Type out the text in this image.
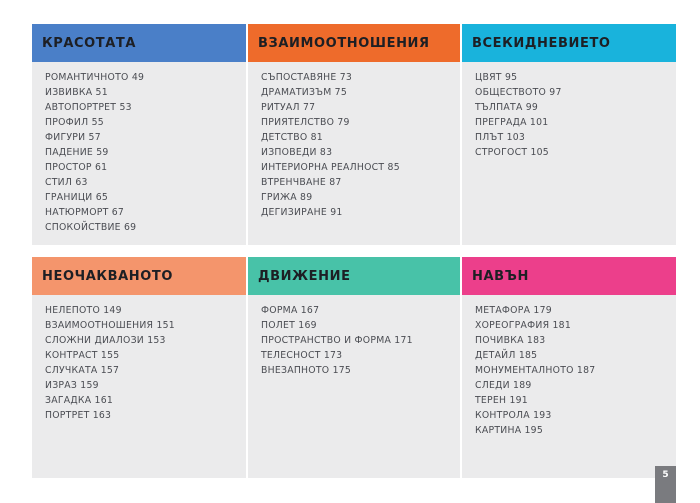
КРАСОТАТА
РОМАНТИЧНОТО 49
ИЗВИВКА 51
АВТОПОРТРЕТ 53
ПРОФИЛ 55
ФИГУРИ 57
ПАДЕНИЕ 59
ПРОСТОР 61
СТИЛ 63
ГРАНИЦИ 65
НАТЮРМОРТ 67
СПОКОЙСТВИЕ 69
ВЗАИМООТНОШЕНИЯ
СЪПОСТАВЯНЕ 73
ДРАМАТИЗЪМ 75
РИТУАЛ 77
ПРИЯТЕЛСТВО 79
ДЕТСТВО 81
ИЗПОВЕДИ 83
ИНТЕРИОРНА РЕАЛНОСТ 85
ВТРЕНЧВАНЕ 87
ГРИЖА 89
ДЕГИЗИРАНЕ 91
ВСЕКИДНЕВИЕТО
ЦВЯТ 95
ОБЩЕСТВОТО 97
ТЪЛПАТА 99
ПРЕГРАДА 101
ПЛЪТ 103
СТРОГОСТ 105
НЕОЧАКВАНОТО
НЕЛЕПОТО 149
ВЗАИМООТНОШЕНИЯ 151
СЛОЖНИ ДИАЛОЗИ 153
КОНТРАСТ 155
СЛУЧКАТА 157
ИЗРАЗ 159
ЗАГАДКА 161
ПОРТРЕТ 163
ДВИЖЕНИЕ
ФОРМА 167
ПОЛЕТ 169
ПРОСТРАНСТВО И ФОРМА 171
ТЕЛЕСНОСТ 173
ВНЕЗАПНОТО 175
НАВЪН
МЕТАФОРА 179
ХОРЕОГРАФИЯ 181
ПОЧИВКА 183
ДЕТАЙЛ 185
МОНУМЕНТАЛНОТО 187
СЛЕДИ 189
ТЕРЕН 191
КОНТРОЛА 193
КАРТИНА 195
5
